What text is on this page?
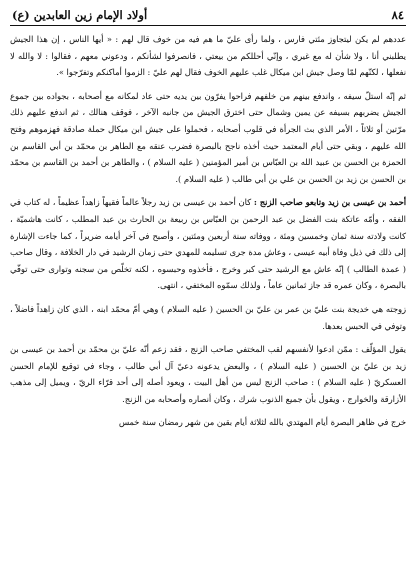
٨٤
أولاد الإمام زين العابدين (ع)

عددهم لم يكن ليتجاوز مئتي فارس ، ولما رأى عليّ ما هم فيه من خوف قال لهم : « أيها الناس ، إن هذا الجيش يطلبني أنا ، ولا شأن له مع غيري ، وإنّي أحللكم من بيعتي ، فانصرفوا لشأنكم ، ودعوني معهم ، فقالوا : لا والله لا نفعلها ، لكنّهم لمّا وصل جيش ابن ميكال غلب عليهم الخوف فقال لهم عليّ : الزموا أماكنكم وتفرّجوا ».

ثم إنّه استلّ سيفه ، واندفع بينهم من خلفهم فراحوا يفرّون بين يديه حتى عاد لمكانه مع أصحابه ، بجواده بين جموع الجيش يضربهم بسيفه عن يمين وشمال حتى اخترق الجيش من جانبه الآخر ، فوقف هنالك ، ثم اندفع عليهم ذلك مرّتين أو ثلاثاً ، الأمر الذي بث الجرأة في قلوب أصحابه ، فحملوا على جيش ابن ميكال حملة صادقة فهزموهم وفتح الله عليهم ، وبقي حتى أيام المعتمد حيث أخذه ناجح بالبصرة فضرب عنقه مع الطاهر بن محمّد بن أبي القاسم بن الحمزة بن الحسن بن عبيد الله بن العبّاس بن أمير المؤمنين ( عليه السلام ) ، والطاهر بن أحمد بن القاسم بن محمّد بن الحسن بن زيد بن الحسن بن علي بن أبي طالب ( عليه السلام ).

أحمد بن عيسى بن زيد وتابعو صاحب الزنج : كان أحمد بن عيسى بن زيد رجلاً عالماً فقيهاً زاهداً عظيماً ، له كتاب في الفقه ، وأمّه عاتكة بنت الفضل بن عبد الرحمن بن العبّاس بن ربيعة بن الحارث بن عبد المطلب ، كانت هاشميّة ، كانت ولادته سنة ثمان وخمسين ومئة ، ووفاته سنة أربعين ومئتين ، وأصبح في آخر أيامه ضريراً ، كما جاءت الإشارة إلى ذلك في ذيل وفاة أبيه عيسى ، وعاش مدة جرى تسليمه للمهدي حتى زمان الرشيد في دار الخلافة ، وقال صاحب ( عمدة الطالب ) إنّه عاش مع الرشيد حتى كبر وخرج ، فأخذوه وحبسوه ، لكنه تخلّص من سجنه وتوارى حتى توفّي بالبصرة ، وكان عمره قد جاز ثمانين عاماً ، ولذلك سمّوه المختفي ، انتهى.

زوجته هي خديجة بنت عليّ بن عمر بن عليّ بن الحسين ( عليه السلام ) وهي أمّ محمّد ابنه ، الذي كان زاهداً فاضلاً ، وتوفي في الحبس بعدها.

يقول المؤلّف : ممّن ادعوا لأنفسهم لقب المختفي صاحب الزنج ، فقد زعم أنّه عليّ بن محمّد بن أحمد بن عيسى بن زيد بن عليّ بن الحسين ( عليه السلام ) ، والبعض يدعونه دعيّ آل أبي طالب ، وجاء في توقيع للإمام الحسن العسكريّ ( عليه السلام ) : صاحب الزنج ليس من أهل البيت ، ويعود أصله إلى أحد قرّاء الريّ ، ويميل إلى مذهب الأزارقة والخوارج ، ويقول بأن جميع الذنوب شرك ، وكان أنصاره وأصحابه من الزنج.

خرج في ظاهر البصرة أيام المهتدي بالله لثلاثة أيام بقين من شهر رمضان سنة خمس
